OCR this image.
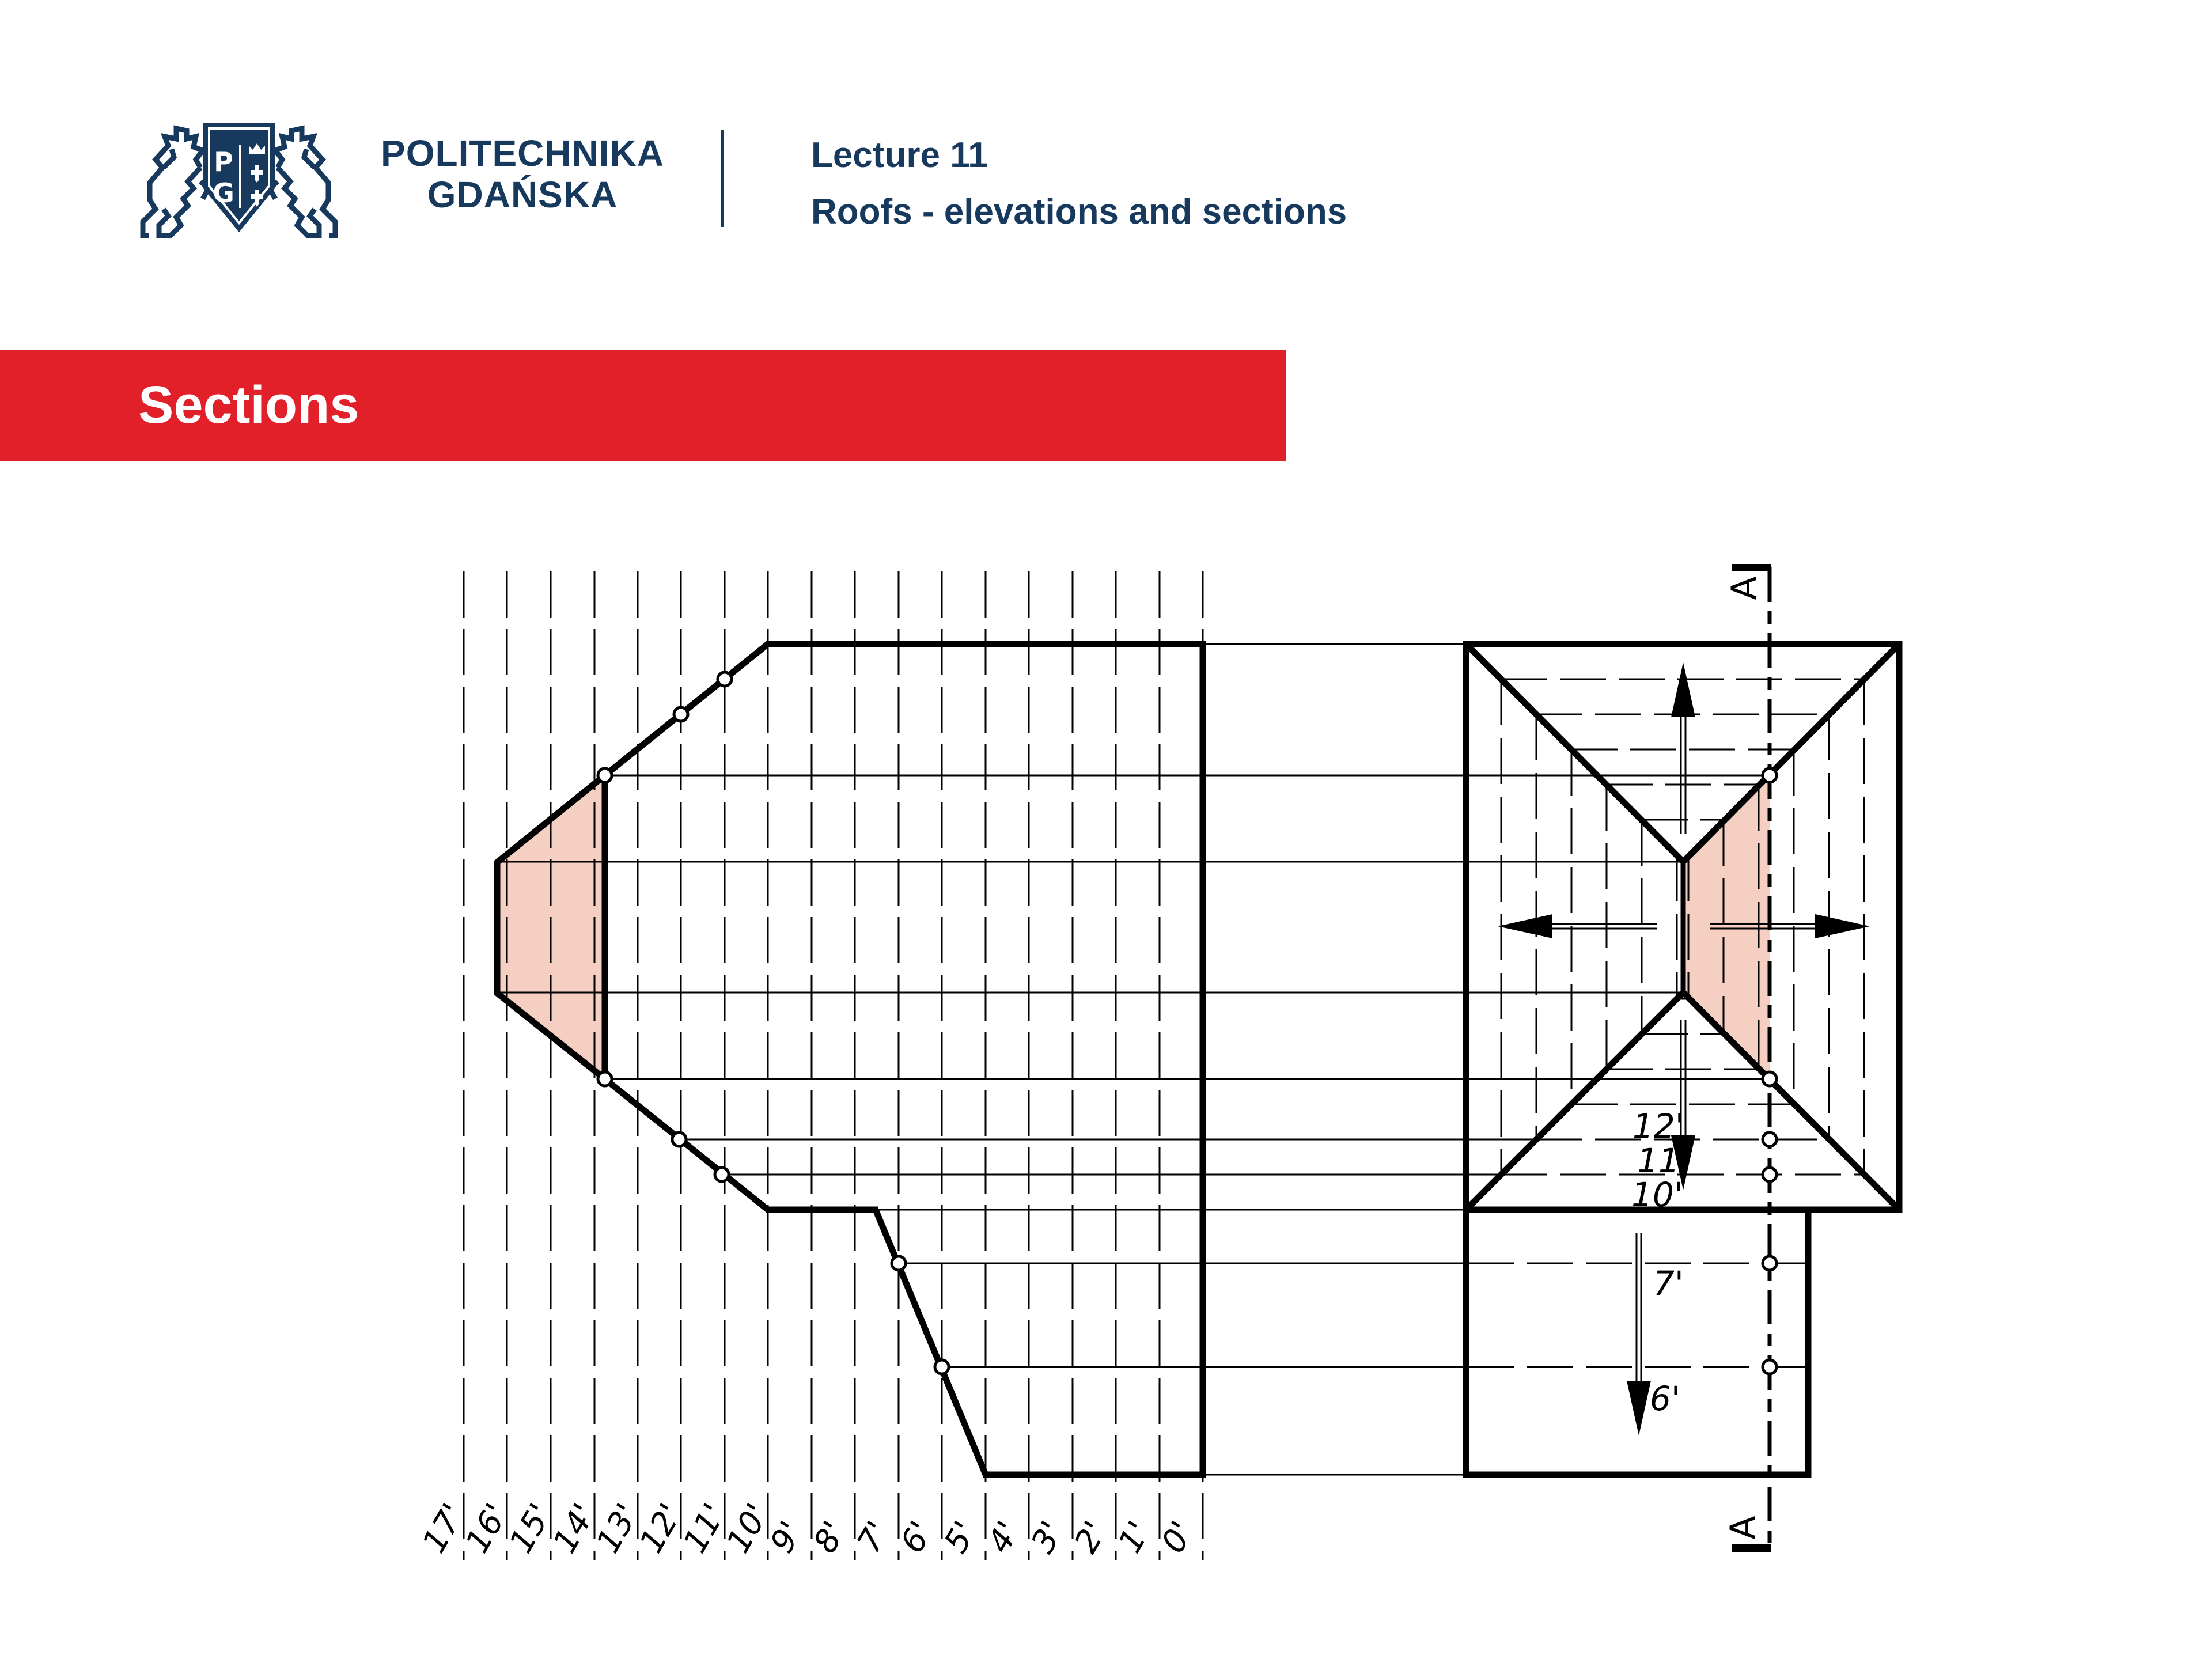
P
G
POLITECHNIKA
GDAŃSKA
Lecture 11
Roofs - elevations and sections
Sections
17'
16'
15'
14'
13'
12'
11'
10'
9'
8'
7'
6'
5'
4'
3'
2'
1'
0'
A
A
12'
11'
10'
7'
6'
